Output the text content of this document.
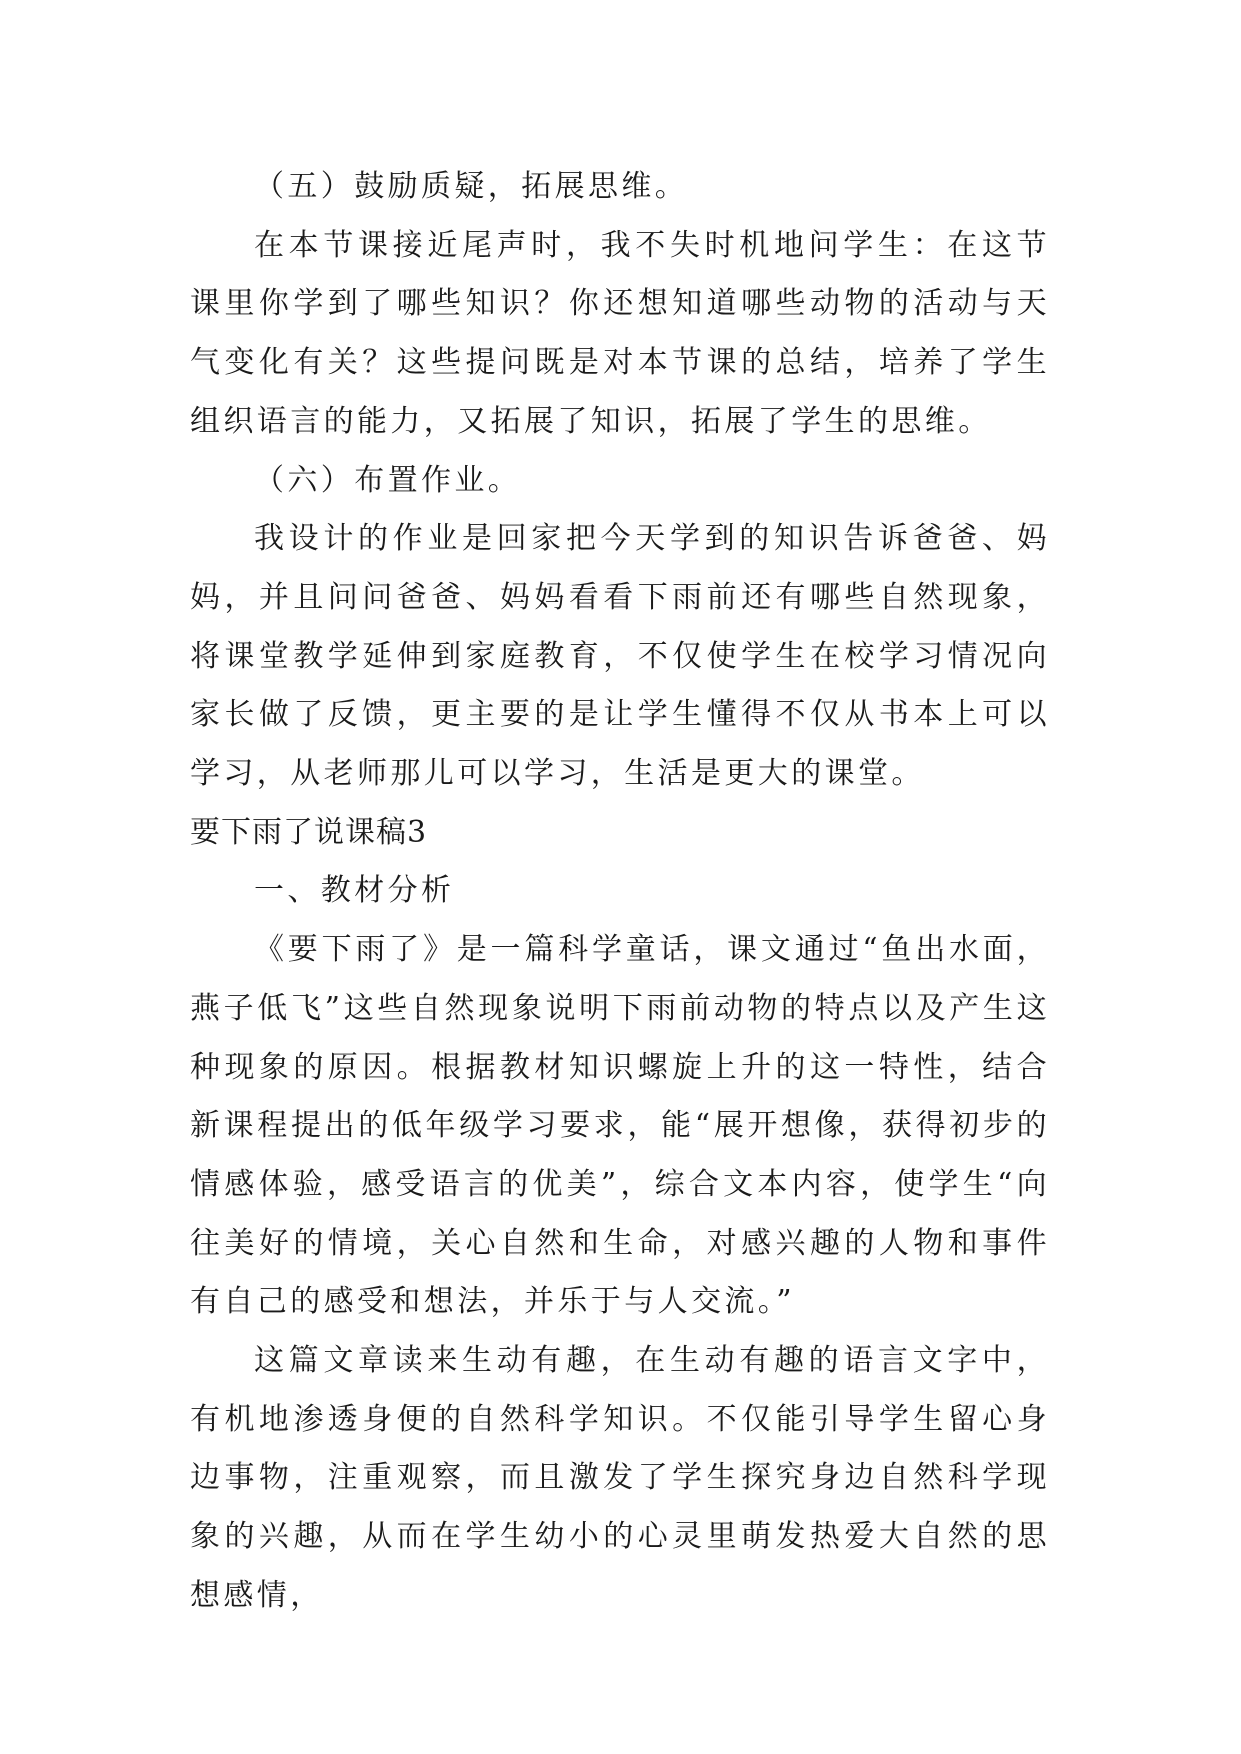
（五）鼓励质疑，拓展思维。

在本节课接近尾声时，我不失时机地问学生：在这节课里你学到了哪些知识？你还想知道哪些动物的活动与天气变化有关？这些提问既是对本节课的总结，培养了学生组织语言的能力，又拓展了知识，拓展了学生的思维。

（六）布置作业。

我设计的作业是回家把今天学到的知识告诉爸爸、妈妈，并且问问爸爸、妈妈看看下雨前还有哪些自然现象，将课堂教学延伸到家庭教育，不仅使学生在校学习情况向家长做了反馈，更主要的是让学生懂得不仅从书本上可以学习，从老师那儿可以学习，生活是更大的课堂。

要下雨了说课稿3

一、教材分析

《要下雨了》是一篇科学童话，课文通过“鱼出水面，燕子低飞”这些自然现象说明下雨前动物的特点以及产生这种现象的原因。根据教材知识螺旋上升的这一特性，结合新课程提出的低年级学习要求，能“展开想像，获得初步的情感体验，感受语言的优美”，综合文本内容，使学生“向往美好的情境，关心自然和生命，对感兴趣的人物和事件有自己的感受和想法，并乐于与人交流。”

这篇文章读来生动有趣，在生动有趣的语言文字中，有机地渗透身便的自然科学知识。不仅能引导学生留心身边事物，注重观察，而且激发了学生探究身边自然科学现象的兴趣，从而在学生幼小的心灵里萌发热爱大自然的思想感情，
